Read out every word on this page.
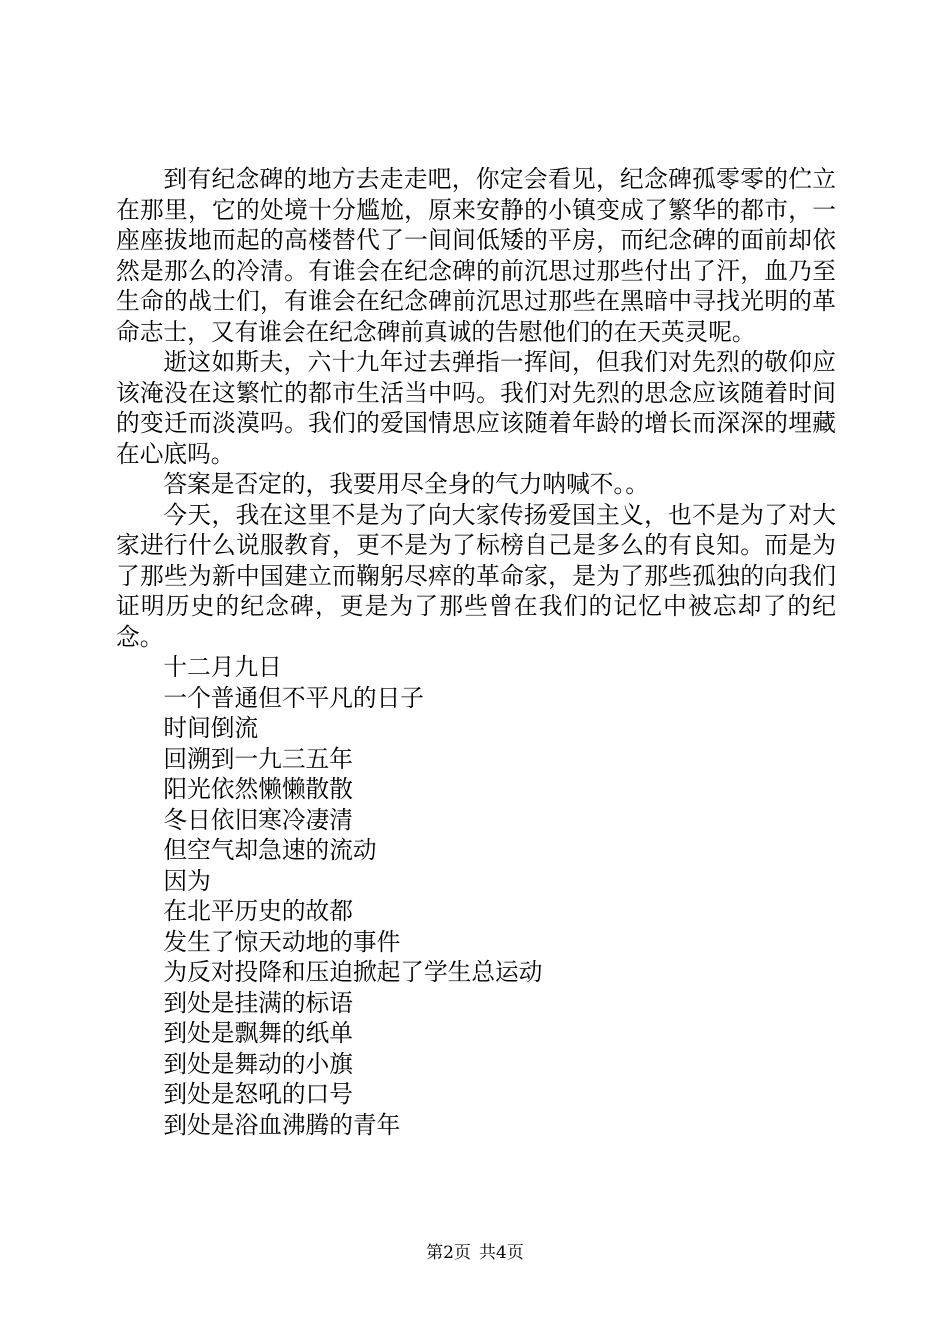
到有纪念碑的地方去走走吧，你定会看见，纪念碑孤零零的伫立在那里，它的处境十分尴尬，原来安静的小镇变成了繁华的都市，一座座拔地而起的高楼替代了一间间低矮的平房，而纪念碑的面前却依然是那么的冷清。有谁会在纪念碑的前沉思过那些付出了汗，血乃至生命的战士们，有谁会在纪念碑前沉思过那些在黑暗中寻找光明的革命志士，又有谁会在纪念碑前真诚的告慰他们的在天英灵呢。

逝这如斯夫，六十九年过去弹指一挥间，但我们对先烈的敬仰应该淹没在这繁忙的都市生活当中吗。我们对先烈的思念应该随着时间的变迁而淡漠吗。我们的爱国情思应该随着年龄的增长而深深的埋藏在心底吗。

答案是否定的，我要用尽全身的气力呐喊不。。

今天，我在这里不是为了向大家传扬爱国主义，也不是为了对大家进行什么说服教育，更不是为了标榜自己是多么的有良知。而是为了那些为新中国建立而鞠躬尽瘁的革命家，是为了那些孤独的向我们证明历史的纪念碑，更是为了那些曾在我们的记忆中被忘却了的纪念。

十二月九日

一个普通但不平凡的日子

时间倒流

回溯到一九三五年

阳光依然懒懒散散

冬日依旧寒冷凄清

但空气却急速的流动

因为

在北平历史的故都

发生了惊天动地的事件

为反对投降和压迫掀起了学生总运动

到处是挂满的标语

到处是飘舞的纸单

到处是舞动的小旗

到处是怒吼的口号

到处是浴血沸腾的青年

第2页 共4页
